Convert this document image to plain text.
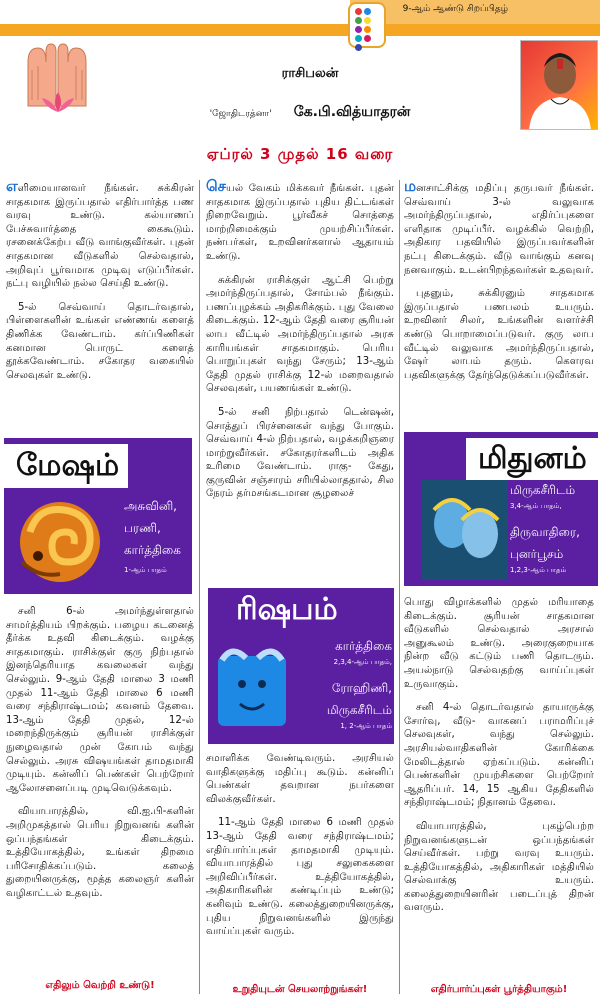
9-ஆம் ஆண்டு சிறப்பிதழ்
ராசிபலன்
'ஜோதிடரத்னா' கே.பி.வித்யாதரன்
ஏப்ரல் 3 முதல் 16 வரை

எளிமையானவர் நீங்கள். சுக்கிரன் சாதகமாக இருப்பதால் எதிர்பார்த்த பண வரவு உண்டு. கல்யாணப் பேச்சுவார்த்தை கைகூடும். ரசனைக்கேற்ப வீடு வாங்குவீர்கள். புதன் சாதகமான வீடுகளில் செல்வதால், அறிவுப் பூர்வமாக முடிவு எடுப்பீர்கள். நட்பு வழியில் நல்ல செய்தி உண்டு.

5-ல் செவ்வாய் தொடர்வதால், பிள்ளைகளின் உங்கள் எண்ணங் களைத் திணிக்க வேண்டாம். கர்ப்பிணிகள் கனமான பொருட் களைத் தூக்கவேண்டாம். சகோதர வகையில் செலவுகள் உண்டு.

மேஷம்
அசுவினி,
பரணி,
கார்த்திகை
1-ஆம் பாதம்

சனி 6-ல் அமர்ந்துள்ளதால் சாமர்த்தியம் பிறக்கும். பழைய கடனைத் தீர்க்க உதவி கிடைக்கும். வழக்கு சாதகமாகும். ராசிக்குள் குரு நிற்பதால் இனந்தெரியாத கவலைகள் வந்து செல்லும். 9-ஆம் தேதி மாலை 3 மணி முதல் 11-ஆம் தேதி மாலை 6 மணி வரை சந்திராஷ்டமம்; கவனம் தேவை. 13-ஆம் தேதி முதல், 12-ல் மறைந்திருக்கும் சூரியன் ராசிக்குள் நுழைவதால் முன் கோபம் வந்து செல்லும். அரசு விஷயங்கள் தாமதமாகி முடியும். கன்னிப் பெண்கள் பெற்றோர் ஆலோசனைப்படி முடிவெடுக்கவும்.

வியாபாரத்தில், வி.ஐ.பி-களின் அறிமுகத்தால் பெரிய நிறுவனங் களின் ஒப்பந்தங்கள் கிடைக்கும். உத்தியோகத்தில், உங்கள் திறமை பரிசோதிக்கப்படும். கலைத் துறையினருக்கு, மூத்த கலைஞர் களின் வழிகாட்டல் உதவும்.

எதிலும் வெற்றி உண்டு!

செயல் வேகம் மிக்கவர் நீங்கள். புதன் சாதகமாக இருப்பதால் புதிய திட்டங்கள் நிறைவேறும். பூர்வீகச் சொத்தை மாற்றிமைக்கும் முயற்சிப்பீர்கள். நண்பர்கள், உறவினர்களால் ஆதாயம் உண்டு.

சுக்கிரன் ராசிக்குள் ஆட்சி பெற்று அமர்ந்திருப்பதால், சோம்பல் நீங்கும். பணப்புழக்கம் அதிகரிக்கும். புது வேலை கிடைக்கும். 12-ஆம் தேதி வரை சூரியன் லாப வீட்டில் அமர்ந்திருப்பதால் அரசு காரியங்கள் சாதகமாகும். பெரிய பொறுப்புகள் வந்து சேரும்; 13-ஆம் தேதி முதல் ராசிக்கு 12-ல் மறைவதால் செலவுகள், பயணங்கள் உண்டு.

5-ல் சனி நிற்பதால் டென்ஷன், சொத்துப் பிரச்னைகள் வந்து போகும். செவ்வாய் 4-ல் நிற்பதால், வழக்கறிஞரை மாற்றுவீர்கள். சகோதரர்களிடம் அதிக உரிமை வேண்டாம். ராகு- கேது, குருவின் சஞ்சாரம் சரியில்லாததால், சில நேரம் தர்மசங்கடமான சூழலைச்

ரிஷபம்
கார்த்திகை
2,3,4-ஆம் பாதம்,
ரோஹிணி,
மிருகசீரிடம்
1, 2-ஆம் பாதம்

சமாளிக்க வேண்டிவரும். அரசியல் வாதிகளுக்கு மதிப்பு கூடும். கன்னிப் பெண்கள் தவறான நபர்களை விலக்குவீர்கள்.

11-ஆம் தேதி மாலை 6 மணி முதல் 13-ஆம் தேதி வரை சந்திராஷ்டமம்; எதிர்பார்ப்புகள் தாமதமாகி முடியும். வியாபாரத்தில் புது சலுகைகளை அறிவிப்பீர்கள். உத்தியோகத்தில், அதிகாரிகளின் கண்டிப்பும் உண்டு; கனிவும் உண்டு. கலைத்துறையினருக்கு, புதிய நிறுவனங்களில் இருந்து வாய்ப்புகள் வரும்.

உறுதியுடன் செயலாற்றுங்கள்!

மனசாட்சிக்கு மதிப்பு தருபவர் நீங்கள். செவ்வாய் 3-ல் வலுவாக அமர்ந்திருப்பதால், எதிர்ப்புகளை எளிதாக முடிப்பீர். வழக்கில் வெற்றி, அதிகார பதவியில் இருப்பவர்களின் நட்பு கிடைக்கும். வீடு வாங்கும் கனவு நனவாகும். உடன்பிறந்தவர்கள் உதவுவர்.

புதனும், சுக்கிரனும் சாதகமாக இருப்பதால் பணபலம் உயரும். உறவினர் சிலர், உங்களின் வளர்ச்சி கண்டு பொறாமைப்படுவர். குரு லாப வீட்டில் வலுவாக அமர்ந்திருப்பதால், ஷேர் லாபம் தரும். கௌரவ பதவிகளுக்கு தேர்ந்தெடுக்கப்படுவீர்கள்.

மிதுனம்
மிருகசீரிடம்
3,4-ஆம் பாதம்,
திருவாதிரை,
புனர்பூசம்
1,2,3-ஆம் பாதம்

பொது விழாக்களில் முதல் மரியாதை கிடைக்கும். சூரியன் சாதகமான வீடுகளில் செல்வதால் அரசால் அனுகூலம் உண்டு. அரைகுறையாக நின்ற வீடு கட்டும் பணி தொடரும். அயல்நாடு செல்வதற்கு வாய்ப்புகள் உருவாகும்.

சனி 4-ல் தொடர்வதால் தாயாருக்கு சோர்வு, வீடு- வாகனப் பராமரிப்புச் செலவுகள், வந்து செல்லும். அரசியல்வாதிகளின் கோரிக்கை மேலிடத்தால் ஏற்கப்படும். கன்னிப் பெண்களின் முயற்சிகளை பெற்றோர் ஆதரிப்பர். 14, 15 ஆகிய தேதிகளில் சந்திராஷ்டமம்; நிதானம் தேவை.

வியாபாரத்தில், புகழ்பெற்ற நிறுவனங்களுடன் ஒப்பந்தங்கள் செய்வீர்கள். பற்று வரவு உயரும். உத்தியோகத்தில், அதிகாரிகள் மத்தியில் செல்வாக்கு உயரும். கலைத்துறையினரின் படைப்புத் திறன் வளரும்.

எதிர்பார்ப்புகள் பூர்த்தியாகும்!
